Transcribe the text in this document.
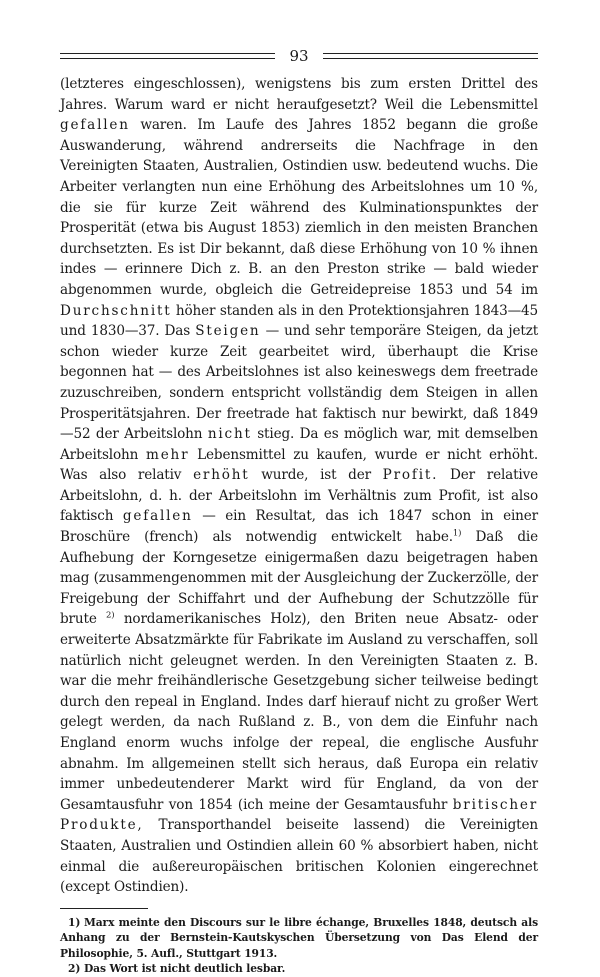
93
(letzteres eingeschlossen), wenigstens bis zum ersten Drittel des Jahres. Warum ward er nicht heraufgesetzt? Weil die Lebensmittel gefallen waren. Im Laufe des Jahres 1852 begann die große Auswanderung, während andrerseits die Nachfrage in den Vereinigten Staaten, Australien, Ostindien usw. bedeutend wuchs. Die Arbeiter verlangten nun eine Erhöhung des Arbeitslohnes um 10 %, die sie für kurze Zeit während des Kulminationspunktes der Prosperität (etwa bis August 1853) ziemlich in den meisten Branchen durchsetzten. Es ist Dir bekannt, daß diese Erhöhung von 10 % ihnen indes — erinnere Dich z. B. an den Preston strike — bald wieder abgenommen wurde, obgleich die Getreidepreise 1853 und 54 im Durchschnitt höher standen als in den Protektionsjahren 1843—45 und 1830—37. Das Steigen — und sehr temporäre Steigen, da jetzt schon wieder kurze Zeit gearbeitet wird, überhaupt die Krise begonnen hat — des Arbeitslohnes ist also keineswegs dem freetrade zuzuschreiben, sondern entspricht vollständig dem Steigen in allen Prosperitätsjahren. Der freetrade hat faktisch nur bewirkt, daß 1849—52 der Arbeitslohn nicht stieg. Da es möglich war, mit demselben Arbeitslohn mehr Lebensmittel zu kaufen, wurde er nicht erhöht. Was also relativ erhöht wurde, ist der Profit. Der relative Arbeitslohn, d. h. der Arbeitslohn im Verhältnis zum Profit, ist also faktisch gefallen — ein Resultat, das ich 1847 schon in einer Broschüre (french) als notwendig entwickelt habe.$^{1)}$ Daß die Aufhebung der Korngesetze einigermaßen dazu beigetragen haben mag (zusammengenommen mit der Ausgleichung der Zuckerzölle, der Freigebung der Schiffahrt und der Aufhebung der Schutzzölle für brute $^{2)}$ nordamerikanisches Holz), den Briten neue Absatz- oder erweiterte Absatzmärkte für Fabrikate im Ausland zu verschaffen, soll natürlich nicht geleugnet werden. In den Vereinigten Staaten z. B. war die mehr freihändlerische Gesetzgebung sicher teilweise bedingt durch den repeal in England. Indes darf hierauf nicht zu großer Wert gelegt werden, da nach Rußland z. B., von dem die Einfuhr nach England enorm wuchs infolge der repeal, die englische Ausfuhr abnahm. Im allgemeinen stellt sich heraus, daß Europa ein relativ immer unbedeutenderer Markt wird für England, da von der Gesamtausfuhr von 1854 (ich meine der Gesamtausfuhr britischer Produkte, Transporthandel beiseite lassend) die Vereinigten Staaten, Australien und Ostindien allein 60 % absorbiert haben, nicht einmal die außereuropäischen britischen Kolonien eingerechnet (except Ostindien).

1) Marx meinte den Discours sur le libre échange, Bruxelles 1848, deutsch als Anhang zu der Bernstein-Kautskyschen Übersetzung von Das Elend der Philosophie, 5. Aufl., Stuttgart 1913.

2) Das Wort ist nicht deutlich lesbar.
